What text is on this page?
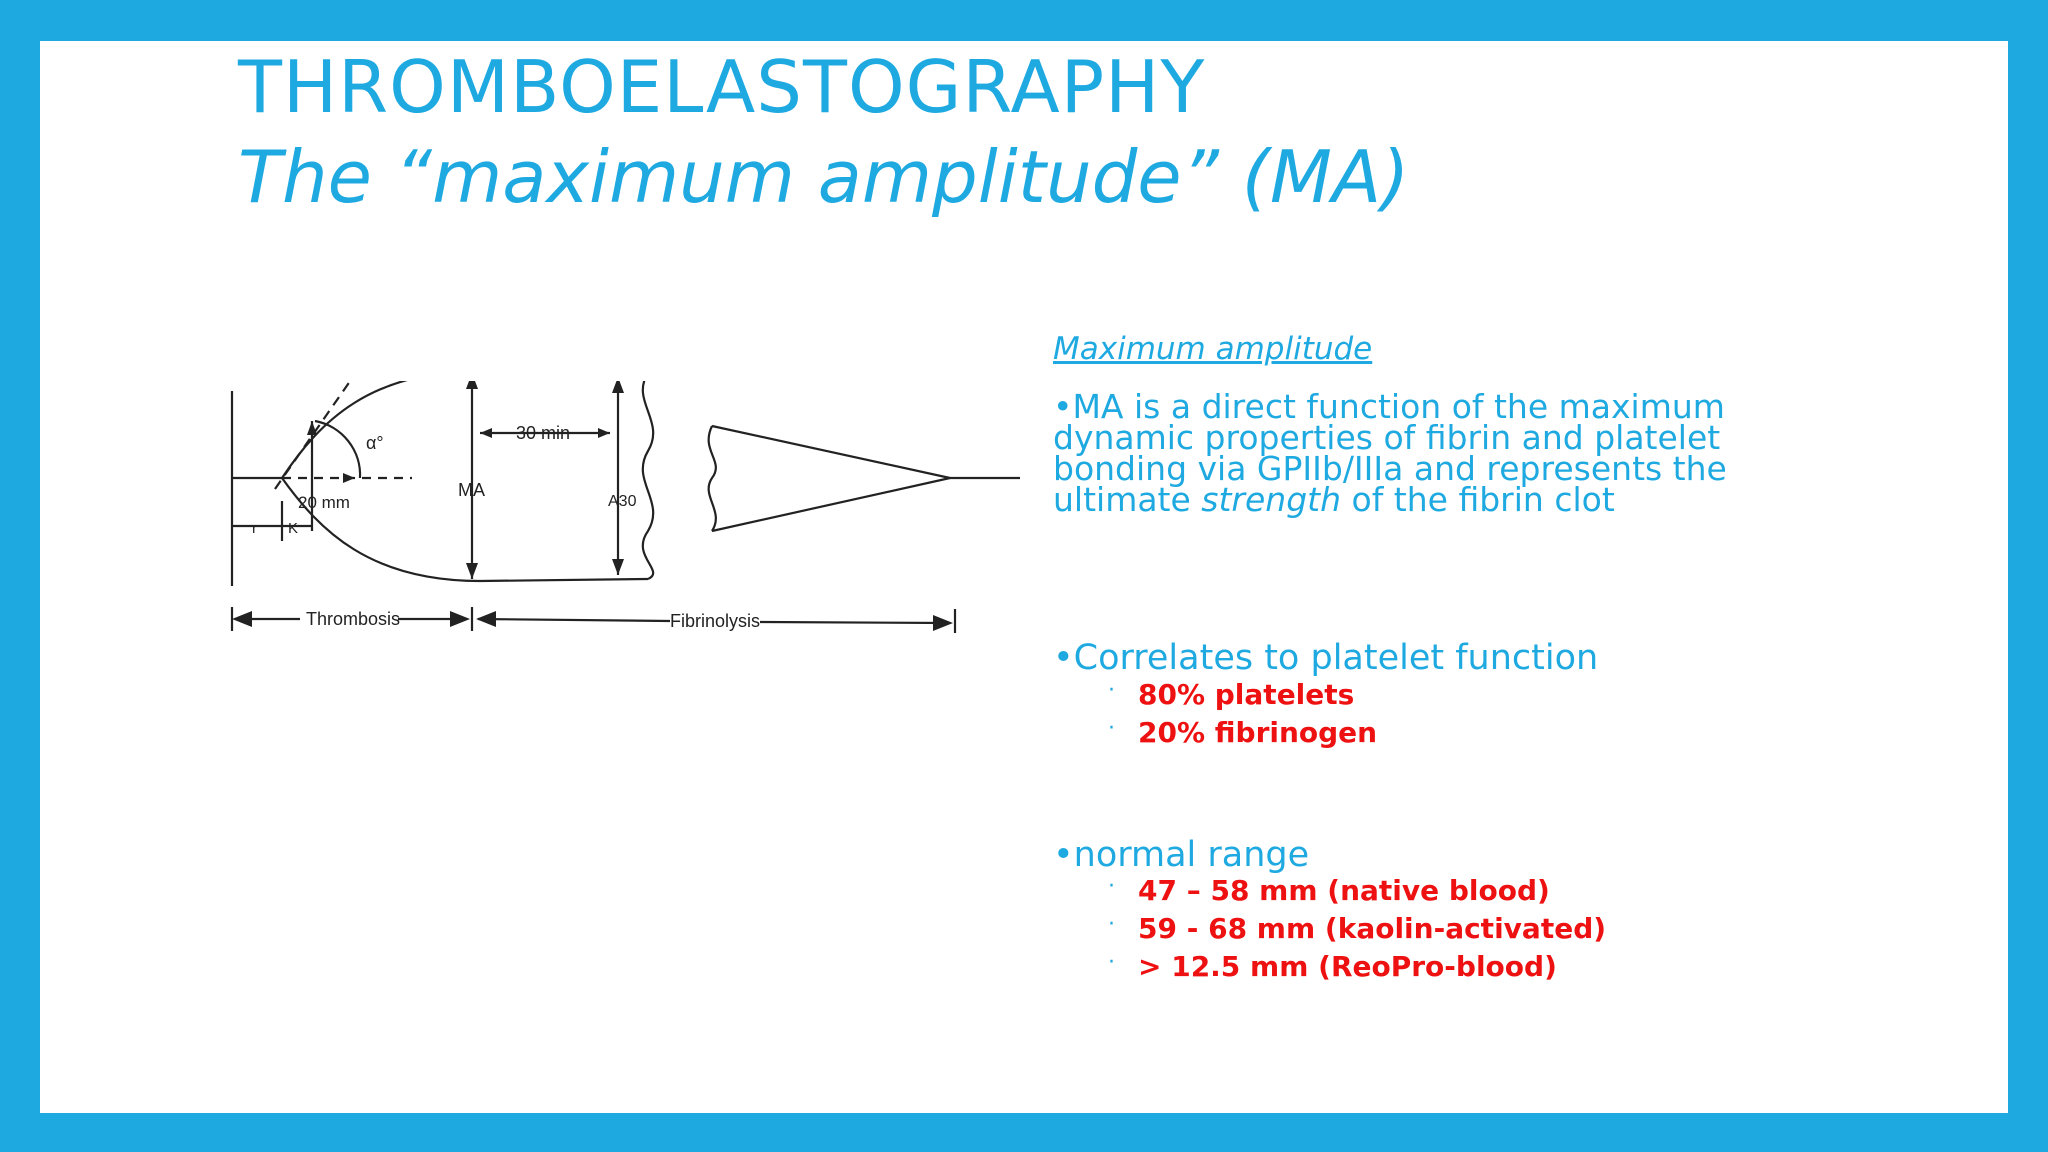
THROMBOELASTOGRAPHY
The “maximum amplitude” (MA)
30 min
α°
MA
A30
20 mm
r K
Thrombosis	Fibrinolysis
Maximum amplitude
•MA is a direct function of the maximum dynamic properties of fibrin and platelet bonding via GPIIb/IIIa and represents the ultimate strength of the fibrin clot
•Correlates to platelet function
· 80% platelets
· 20% fibrinogen
•normal range
· 47 – 58 mm (native blood)
· 59 - 68 mm (kaolin-activated)
· > 12.5 mm (ReoPro-blood)
